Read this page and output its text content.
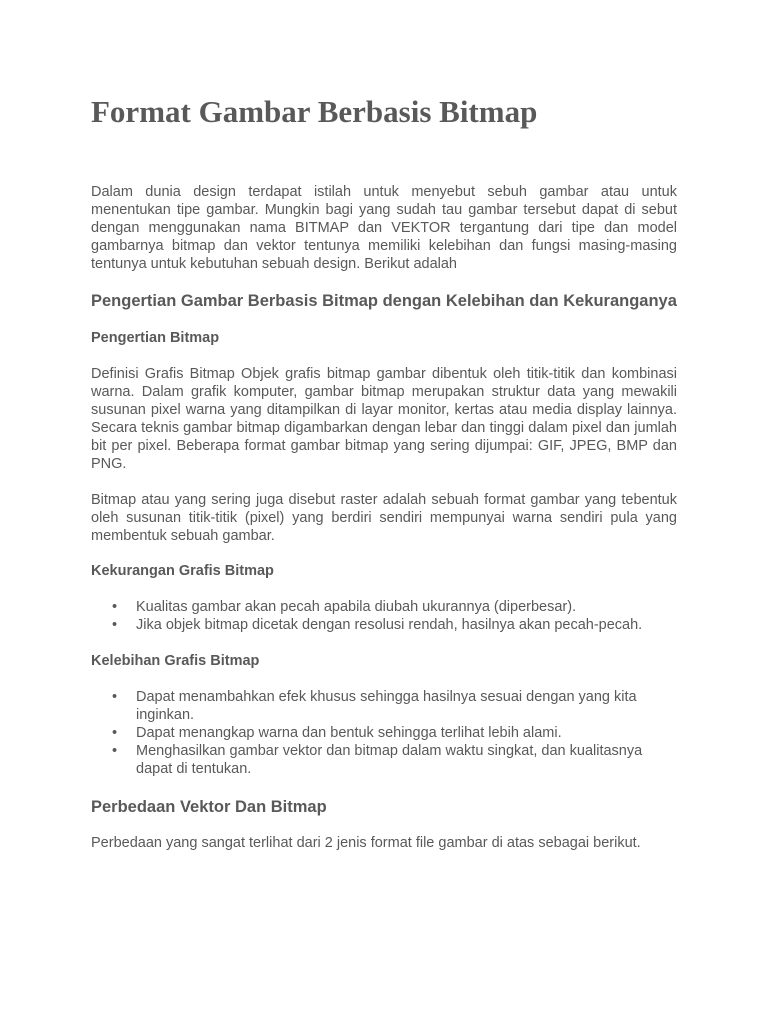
Format Gambar Berbasis Bitmap

Dalam dunia design terdapat istilah untuk menyebut sebuh gambar atau untuk menentukan tipe gambar. Mungkin bagi yang sudah tau gambar tersebut dapat di sebut dengan menggunakan nama BITMAP dan VEKTOR tergantung dari tipe dan model gambarnya bitmap dan vektor tentunya memiliki kelebihan dan fungsi masing-masing tentunya untuk kebutuhan sebuah design. Berikut adalah

Pengertian Gambar Berbasis Bitmap dengan Kelebihan dan Kekuranganya
Pengertian Bitmap

Definisi Grafis Bitmap Objek grafis bitmap gambar dibentuk oleh titik-titik dan kombinasi warna. Dalam grafik komputer, gambar bitmap merupakan struktur data yang mewakili susunan pixel warna yang ditampilkan di layar monitor, kertas atau media display lainnya. Secara teknis gambar bitmap digambarkan dengan lebar dan tinggi dalam pixel dan jumlah bit per pixel. Beberapa format gambar bitmap yang sering dijumpai: GIF, JPEG, BMP dan PNG.

Bitmap atau yang sering juga disebut raster adalah sebuah format gambar yang tebentuk oleh susunan titik-titik (pixel) yang berdiri sendiri mempunyai warna sendiri pula yang membentuk sebuah gambar.

Kekurangan Grafis Bitmap
• Kualitas gambar akan pecah apabila diubah ukurannya (diperbesar).
• Jika objek bitmap dicetak dengan resolusi rendah, hasilnya akan pecah-pecah.
Kelebihan Grafis Bitmap
• Dapat menambahkan efek khusus sehingga hasilnya sesuai dengan yang kita inginkan.
• Dapat menangkap warna dan bentuk sehingga terlihat lebih alami.
• Menghasilkan gambar vektor dan bitmap dalam waktu singkat, dan kualitasnya dapat di tentukan.
Perbedaan Vektor Dan Bitmap

Perbedaan yang sangat terlihat dari 2 jenis format file gambar di atas sebagai berikut.
